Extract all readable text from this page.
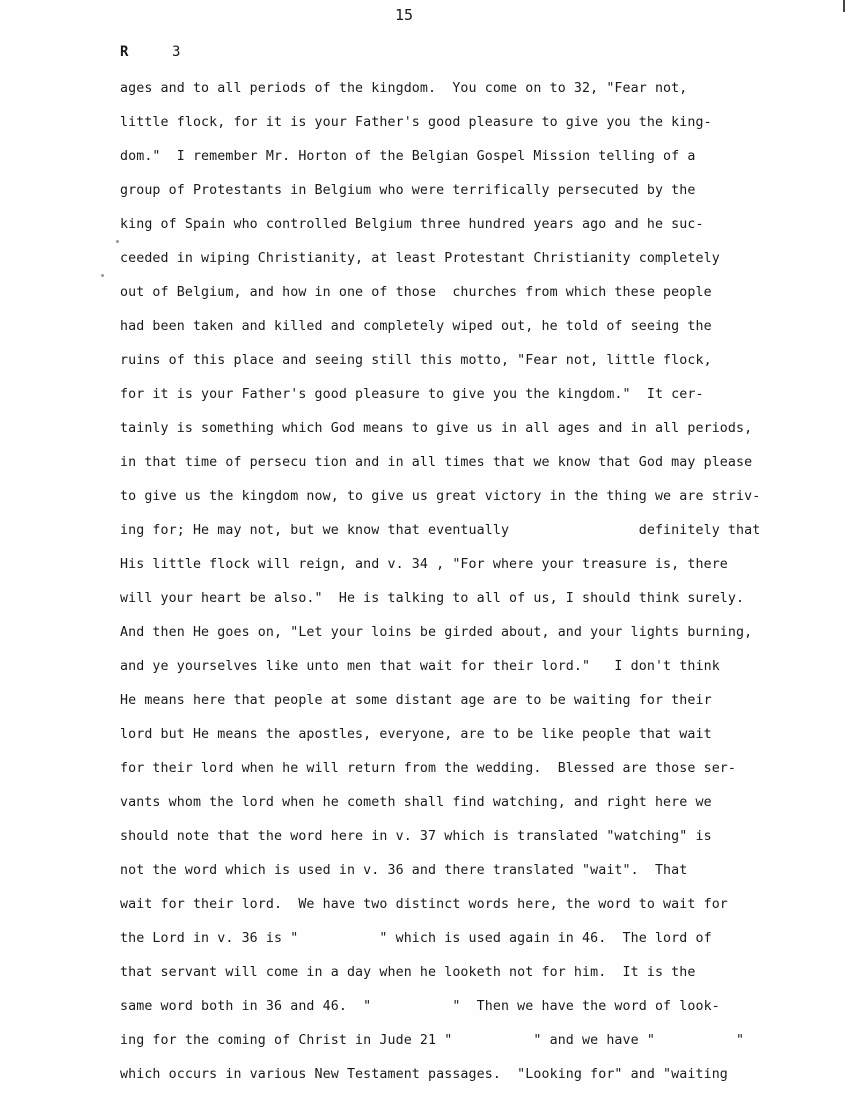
15
R	3
ages and to all periods of the kingdom.  You come on to 32, "Fear not,
little flock, for it is your Father's good pleasure to give you the king-
dom."  I remember Mr. Horton of the Belgian Gospel Mission telling of a
group of Protestants in Belgium who were terrifically persecuted by the
king of Spain who controlled Belgium three hundred years ago and he suc-
ceeded in wiping Christianity, at least Protestant Christianity completely
out of Belgium, and how in one of those  churches from which these people
had been taken and killed and completely wiped out, he told of seeing the
ruins of this place and seeing still this motto, "Fear not, little flock,
for it is your Father's good pleasure to give you the kingdom."  It cer-
tainly is something which God means to give us in all ages and in all periods,
in that time of persecu tion and in all times that we know that God may please
to give us the kingdom now, to give us great victory in the thing we are striv-
ing for; He may not, but we know that eventually                definitely that
His little flock will reign, and v. 34 , "For where your treasure is, there
will your heart be also."  He is talking to all of us, I should think surely.
And then He goes on, "Let your loins be girded about, and your lights burning,
and ye yourselves like unto men that wait for their lord."   I don't think
He means here that people at some distant age are to be waiting for their
lord but He means the apostles, everyone, are to be like people that wait
for their lord when he will return from the wedding.  Blessed are those ser-
vants whom the lord when he cometh shall find watching, and right here we
should note that the word here in v. 37 which is translated "watching" is
not the word which is used in v. 36 and there translated "wait".  That
wait for their lord.  We have two distinct words here, the word to wait for
the Lord in v. 36 is "          " which is used again in 46.  The lord of
that servant will come in a day when he looketh not for him.  It is the
same word both in 36 and 46.  "          "  Then we have the word of look-
ing for the coming of Christ in Jude 21 "          " and we have "          "
which occurs in various New Testament passages.  "Looking for" and "waiting
